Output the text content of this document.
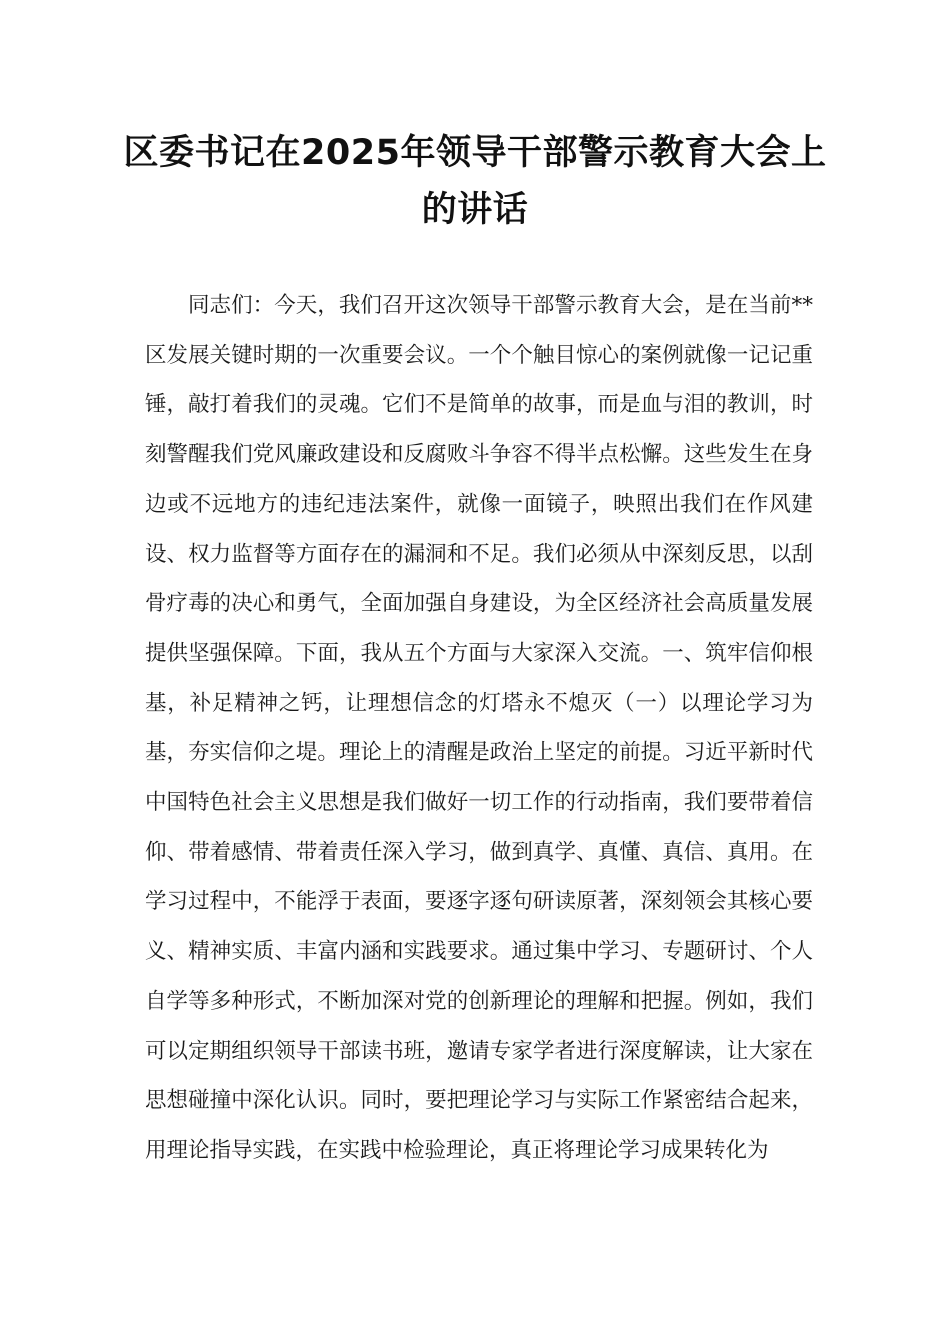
区委书记在2025年领导干部警示教育大会上的讲话

同志们：今天，我们召开这次领导干部警示教育大会，是在当前**区发展关键时期的一次重要会议。一个个触目惊心的案例就像一记记重锤，敲打着我们的灵魂。它们不是简单的故事，而是血与泪的教训，时刻警醒我们党风廉政建设和反腐败斗争容不得半点松懈。这些发生在身边或不远地方的违纪违法案件，就像一面镜子，映照出我们在作风建设、权力监督等方面存在的漏洞和不足。我们必须从中深刻反思，以刮骨疗毒的决心和勇气，全面加强自身建设，为全区经济社会高质量发展提供坚强保障。下面，我从五个方面与大家深入交流。一、筑牢信仰根基，补足精神之钙，让理想信念的灯塔永不熄灭（一）以理论学习为基，夯实信仰之堤。理论上的清醒是政治上坚定的前提。习近平新时代中国特色社会主义思想是我们做好一切工作的行动指南，我们要带着信仰、带着感情、带着责任深入学习，做到真学、真懂、真信、真用。在学习过程中，不能浮于表面，要逐字逐句研读原著，深刻领会其核心要义、精神实质、丰富内涵和实践要求。通过集中学习、专题研讨、个人自学等多种形式，不断加深对党的创新理论的理解和把握。例如，我们可以定期组织领导干部读书班，邀请专家学者进行深度解读，让大家在思想碰撞中深化认识。同时，要把理论学习与实际工作紧密结合起来，用理论指导实践，在实践中检验理论，真正将理论学习成果转化为
